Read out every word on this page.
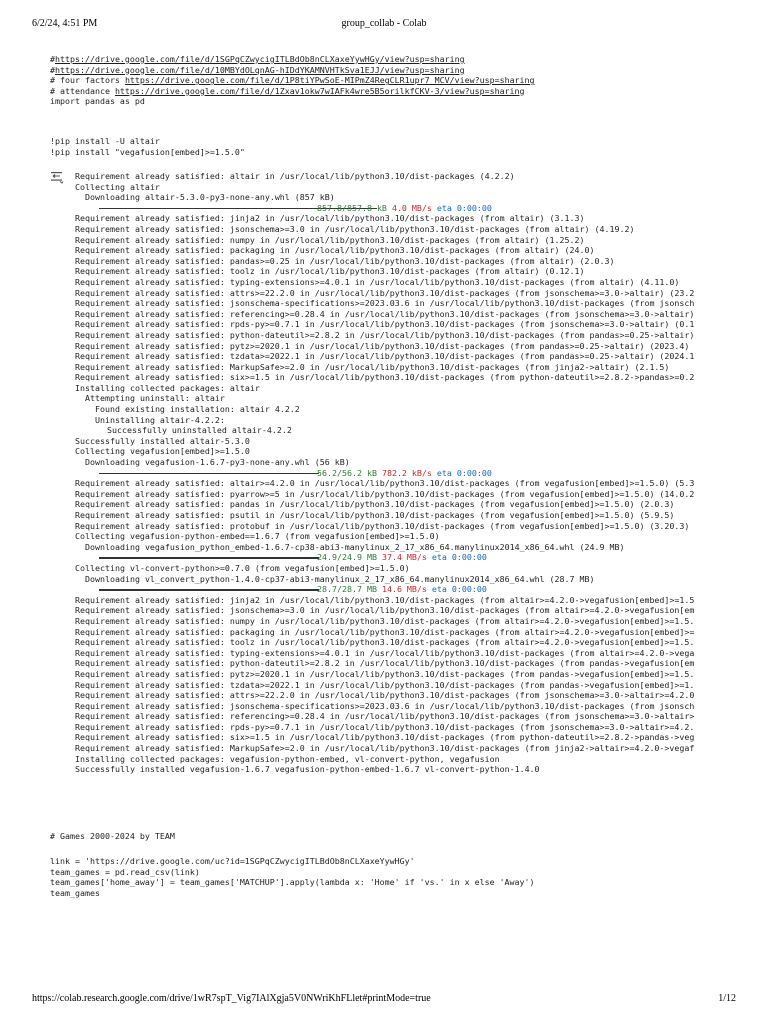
6/2/24, 4:51 PM	group_collab - Colab
#https://drive.google.com/file/d/1SGPqCZwycigITLBdOb8nCLXaxeYywHGy/view?usp=sharing
#https://drive.google.com/file/d/10MBYdOLqnAG-hIDdYKAMNVHTkSva1EJJ/view?usp=sharing
# four factors https://drive.google.com/file/d/1P8tiYPwSoE-MIPmZ4RegCLR1upr7_MCV/view?usp=sharing
# attendance https://drive.google.com/file/d/1Zxav1okw7wIAFk4wre5B5orilkfCKV-3/view?usp=sharing
import pandas as pd
!pip install -U altair
!pip install "vegafusion[embed]>=1.5.0"
Requirement already satisfied: altair in /usr/local/lib/python3.10/dist-packages (4.2.2)
Collecting altair
Downloading altair-5.3.0-py3-none-any.whl (857 kB)
857.8/857.8 kB 4.0 MB/s eta 0:00:00
Requirement already satisfied: jinja2 in /usr/local/lib/python3.10/dist-packages (from altair) (3.1.3)
Requirement already satisfied: jsonschema>=3.0 in /usr/local/lib/python3.10/dist-packages (from altair) (4.19.2)
Requirement already satisfied: numpy in /usr/local/lib/python3.10/dist-packages (from altair) (1.25.2)
Requirement already satisfied: packaging in /usr/local/lib/python3.10/dist-packages (from altair) (24.0)
Requirement already satisfied: pandas>=0.25 in /usr/local/lib/python3.10/dist-packages (from altair) (2.0.3)
Requirement already satisfied: toolz in /usr/local/lib/python3.10/dist-packages (from altair) (0.12.1)
Requirement already satisfied: typing-extensions>=4.0.1 in /usr/local/lib/python3.10/dist-packages (from altair) (4.11.0)
Requirement already satisfied: attrs>=22.2.0 in /usr/local/lib/python3.10/dist-packages (from jsonschema>=3.0->altair) (23.2
Requirement already satisfied: jsonschema-specifications>=2023.03.6 in /usr/local/lib/python3.10/dist-packages (from jsonsch
Requirement already satisfied: referencing>=0.28.4 in /usr/local/lib/python3.10/dist-packages (from jsonschema>=3.0->altair)
Requirement already satisfied: rpds-py>=0.7.1 in /usr/local/lib/python3.10/dist-packages (from jsonschema>=3.0->altair) (0.1
Requirement already satisfied: python-dateutil>=2.8.2 in /usr/local/lib/python3.10/dist-packages (from pandas>=0.25->altair)
Requirement already satisfied: pytz>=2020.1 in /usr/local/lib/python3.10/dist-packages (from pandas>=0.25->altair) (2023.4)
Requirement already satisfied: tzdata>=2022.1 in /usr/local/lib/python3.10/dist-packages (from pandas>=0.25->altair) (2024.1
Requirement already satisfied: MarkupSafe>=2.0 in /usr/local/lib/python3.10/dist-packages (from jinja2->altair) (2.1.5)
Requirement already satisfied: six>=1.5 in /usr/local/lib/python3.10/dist-packages (from python-dateutil>=2.8.2->pandas>=0.2
Installing collected packages: altair
Attempting uninstall: altair
Found existing installation: altair 4.2.2
Uninstalling altair-4.2.2:
Successfully uninstalled altair-4.2.2
Successfully installed altair-5.3.0
Collecting vegafusion[embed]>=1.5.0
Downloading vegafusion-1.6.7-py3-none-any.whl (56 kB)
56.2/56.2 kB 782.2 kB/s eta 0:00:00
Requirement already satisfied: altair>=4.2.0 in /usr/local/lib/python3.10/dist-packages (from vegafusion[embed]>=1.5.0) (5.3
Requirement already satisfied: pyarrow>=5 in /usr/local/lib/python3.10/dist-packages (from vegafusion[embed]>=1.5.0) (14.0.2
Requirement already satisfied: pandas in /usr/local/lib/python3.10/dist-packages (from vegafusion[embed]>=1.5.0) (2.0.3)
Requirement already satisfied: psutil in /usr/local/lib/python3.10/dist-packages (from vegafusion[embed]>=1.5.0) (5.9.5)
Requirement already satisfied: protobuf in /usr/local/lib/python3.10/dist-packages (from vegafusion[embed]>=1.5.0) (3.20.3)
Collecting vegafusion-python-embed==1.6.7 (from vegafusion[embed]>=1.5.0)
Downloading vegafusion_python_embed-1.6.7-cp38-abi3-manylinux_2_17_x86_64.manylinux2014_x86_64.whl (24.9 MB)
24.9/24.9 MB 37.4 MB/s eta 0:00:00
Collecting vl-convert-python>=0.7.0 (from vegafusion[embed]>=1.5.0)
Downloading vl_convert_python-1.4.0-cp37-abi3-manylinux_2_17_x86_64.manylinux2014_x86_64.whl (28.7 MB)
28.7/28.7 MB 14.6 MB/s eta 0:00:00
Requirement already satisfied: jinja2 in /usr/local/lib/python3.10/dist-packages (from altair>=4.2.0->vegafusion[embed]>=1.5
Requirement already satisfied: jsonschema>=3.0 in /usr/local/lib/python3.10/dist-packages (from altair>=4.2.0->vegafusion[em
Requirement already satisfied: numpy in /usr/local/lib/python3.10/dist-packages (from altair>=4.2.0->vegafusion[embed]>=1.5.
Requirement already satisfied: packaging in /usr/local/lib/python3.10/dist-packages (from altair>=4.2.0->vegafusion[embed]>=
Requirement already satisfied: toolz in /usr/local/lib/python3.10/dist-packages (from altair>=4.2.0->vegafusion[embed]>=1.5.
Requirement already satisfied: typing-extensions>=4.0.1 in /usr/local/lib/python3.10/dist-packages (from altair>=4.2.0->vega
Requirement already satisfied: python-dateutil>=2.8.2 in /usr/local/lib/python3.10/dist-packages (from pandas->vegafusion[em
Requirement already satisfied: pytz>=2020.1 in /usr/local/lib/python3.10/dist-packages (from pandas->vegafusion[embed]>=1.5.
Requirement already satisfied: tzdata>=2022.1 in /usr/local/lib/python3.10/dist-packages (from pandas->vegafusion[embed]>=1.
Requirement already satisfied: attrs>=22.2.0 in /usr/local/lib/python3.10/dist-packages (from jsonschema>=3.0->altair>=4.2.0
Requirement already satisfied: jsonschema-specifications>=2023.03.6 in /usr/local/lib/python3.10/dist-packages (from jsonsch
Requirement already satisfied: referencing>=0.28.4 in /usr/local/lib/python3.10/dist-packages (from jsonschema>=3.0->altair>
Requirement already satisfied: rpds-py>=0.7.1 in /usr/local/lib/python3.10/dist-packages (from jsonschema>=3.0->altair>=4.2.
Requirement already satisfied: six>=1.5 in /usr/local/lib/python3.10/dist-packages (from python-dateutil>=2.8.2->pandas->veg
Requirement already satisfied: MarkupSafe>=2.0 in /usr/local/lib/python3.10/dist-packages (from jinja2->altair>=4.2.0->vegaf
Installing collected packages: vegafusion-python-embed, vl-convert-python, vegafusion
Successfully installed vegafusion-1.6.7 vegafusion-python-embed-1.6.7 vl-convert-python-1.4.0
# Games 2000-2024 by TEAM
link = 'https://drive.google.com/uc?id=1SGPqCZwycigITLBdOb8nCLXaxeYywHGy'
team_games = pd.read_csv(link)
team_games['home_away'] = team_games['MATCHUP'].apply(lambda x: 'Home' if 'vs.' in x else 'Away')
team_games
https://colab.research.google.com/drive/1wR7spT_Vig7IAlXgja5V0NWriKhFLlet#printMode=true	1/12
